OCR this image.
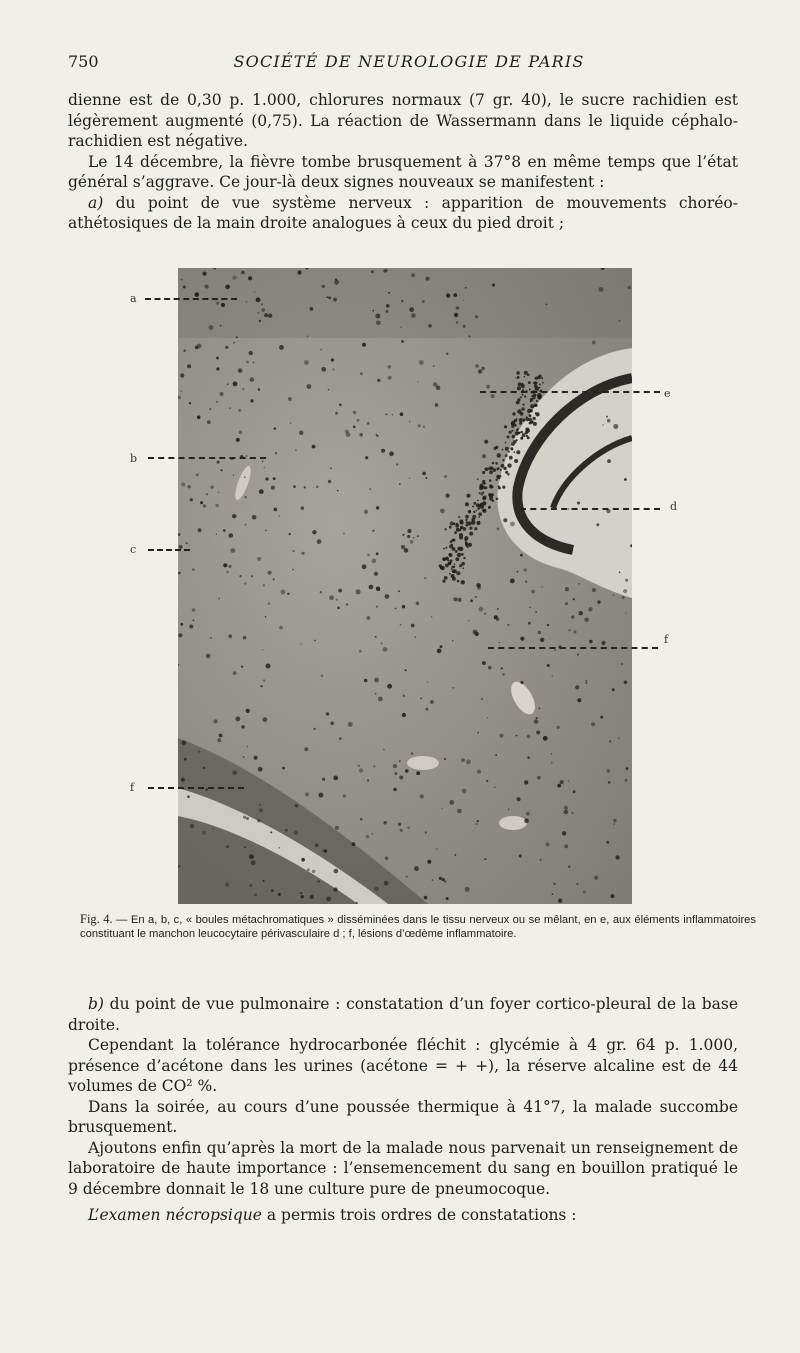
750	SOCIÉTÉ DE NEUROLOGIE DE PARIS

dienne est de 0,30 p. 1.000, chlorures normaux (7 gr. 40), le sucre rachidien est légèrement augmenté (0,75). La réaction de Wassermann dans le liquide céphalo-rachidien est négative.

Le 14 décembre, la fièvre tombe brusquement à 37°8 en même temps que l’état général s’aggrave. Ce jour-là deux signes nouveaux se manifestent :

a) du point de vue système nerveux : apparition de mouvements choréo-athétosiques de la main droite analogues à ceux du pied droit ;

a
b
c
f
e
d
f
Fig. 4. — En a, b, c, « boules métachromatiques » disséminées dans le tissu nerveux ou se mêlant, en e, aux éléments inflammatoires constituant le manchon leucocytaire périvasculaire d ; f, lésions d’œdème inflammatoire.

b) du point de vue pulmonaire : constatation d’un foyer cortico-pleural de la base droite.

Cependant la tolérance hydrocarbonée fléchit : glycémie à 4 gr. 64 p. 1.000, présence d’acétone dans les urines (acétone = + +), la réserve alcaline est de 44 volumes de CO² %.

Dans la soirée, au cours d’une poussée thermique à 41°7, la malade succombe brusquement.

Ajoutons enfin qu’après la mort de la malade nous parvenait un renseignement de laboratoire de haute importance : l’ensemencement du sang en bouillon pratiqué le 9 décembre donnait le 18 une culture pure de pneumocoque.

L’examen nécropsique a permis trois ordres de constatations :
